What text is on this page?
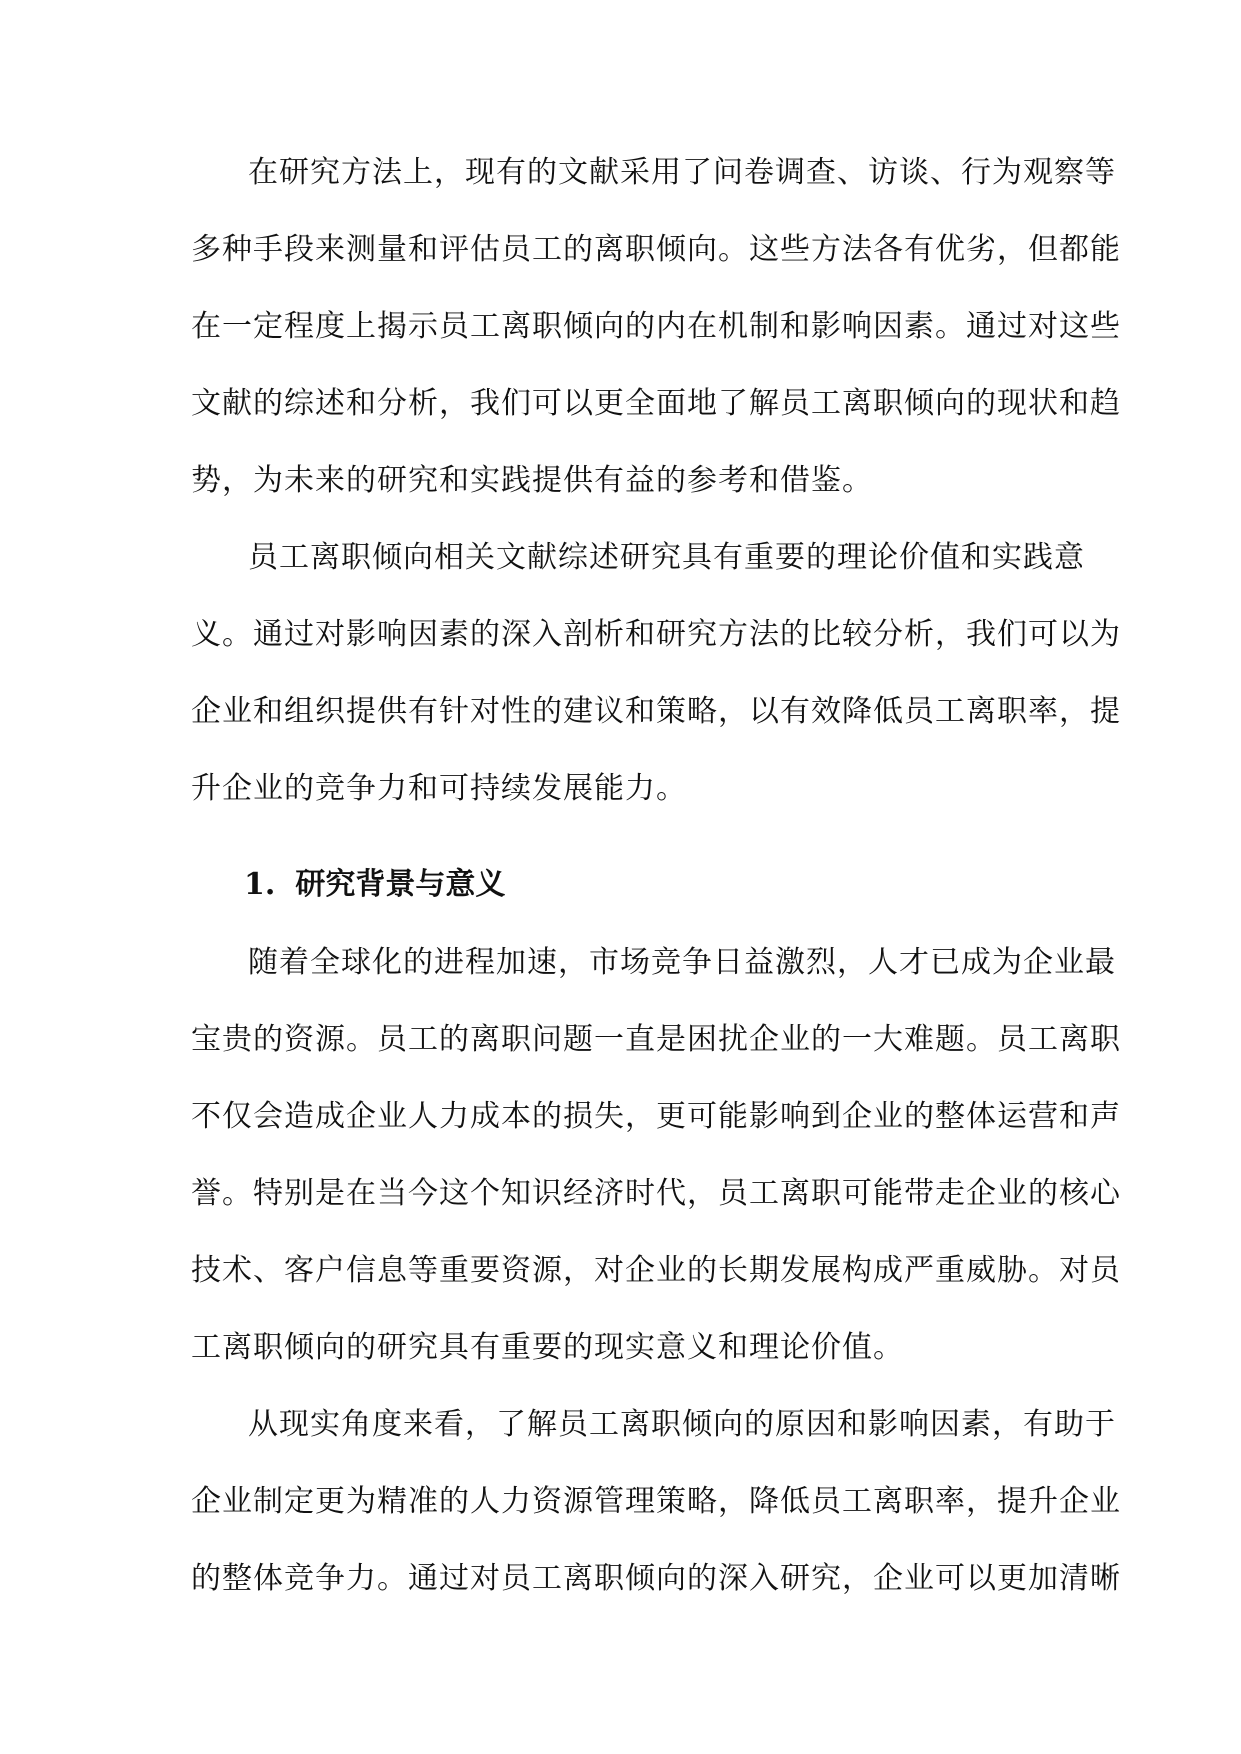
在研究方法上，现有的文献采用了问卷调查、访谈、行为观察等
多种手段来测量和评估员工的离职倾向。这些方法各有优劣，但都能
在一定程度上揭示员工离职倾向的内在机制和影响因素。通过对这些
文献的综述和分析，我们可以更全面地了解员工离职倾向的现状和趋
势，为未来的研究和实践提供有益的参考和借鉴。
员工离职倾向相关文献综述研究具有重要的理论价值和实践意
义。通过对影响因素的深入剖析和研究方法的比较分析，我们可以为
企业和组织提供有针对性的建议和策略，以有效降低员工离职率，提
升企业的竞争力和可持续发展能力。
1. 研究背景与意义
随着全球化的进程加速，市场竞争日益激烈，人才已成为企业最
宝贵的资源。员工的离职问题一直是困扰企业的一大难题。员工离职
不仅会造成企业人力成本的损失，更可能影响到企业的整体运营和声
誉。特别是在当今这个知识经济时代，员工离职可能带走企业的核心
技术、客户信息等重要资源，对企业的长期发展构成严重威胁。对员
工离职倾向的研究具有重要的现实意义和理论价值。
从现实角度来看，了解员工离职倾向的原因和影响因素，有助于
企业制定更为精准的人力资源管理策略，降低员工离职率，提升企业
的整体竞争力。通过对员工离职倾向的深入研究，企业可以更加清晰
